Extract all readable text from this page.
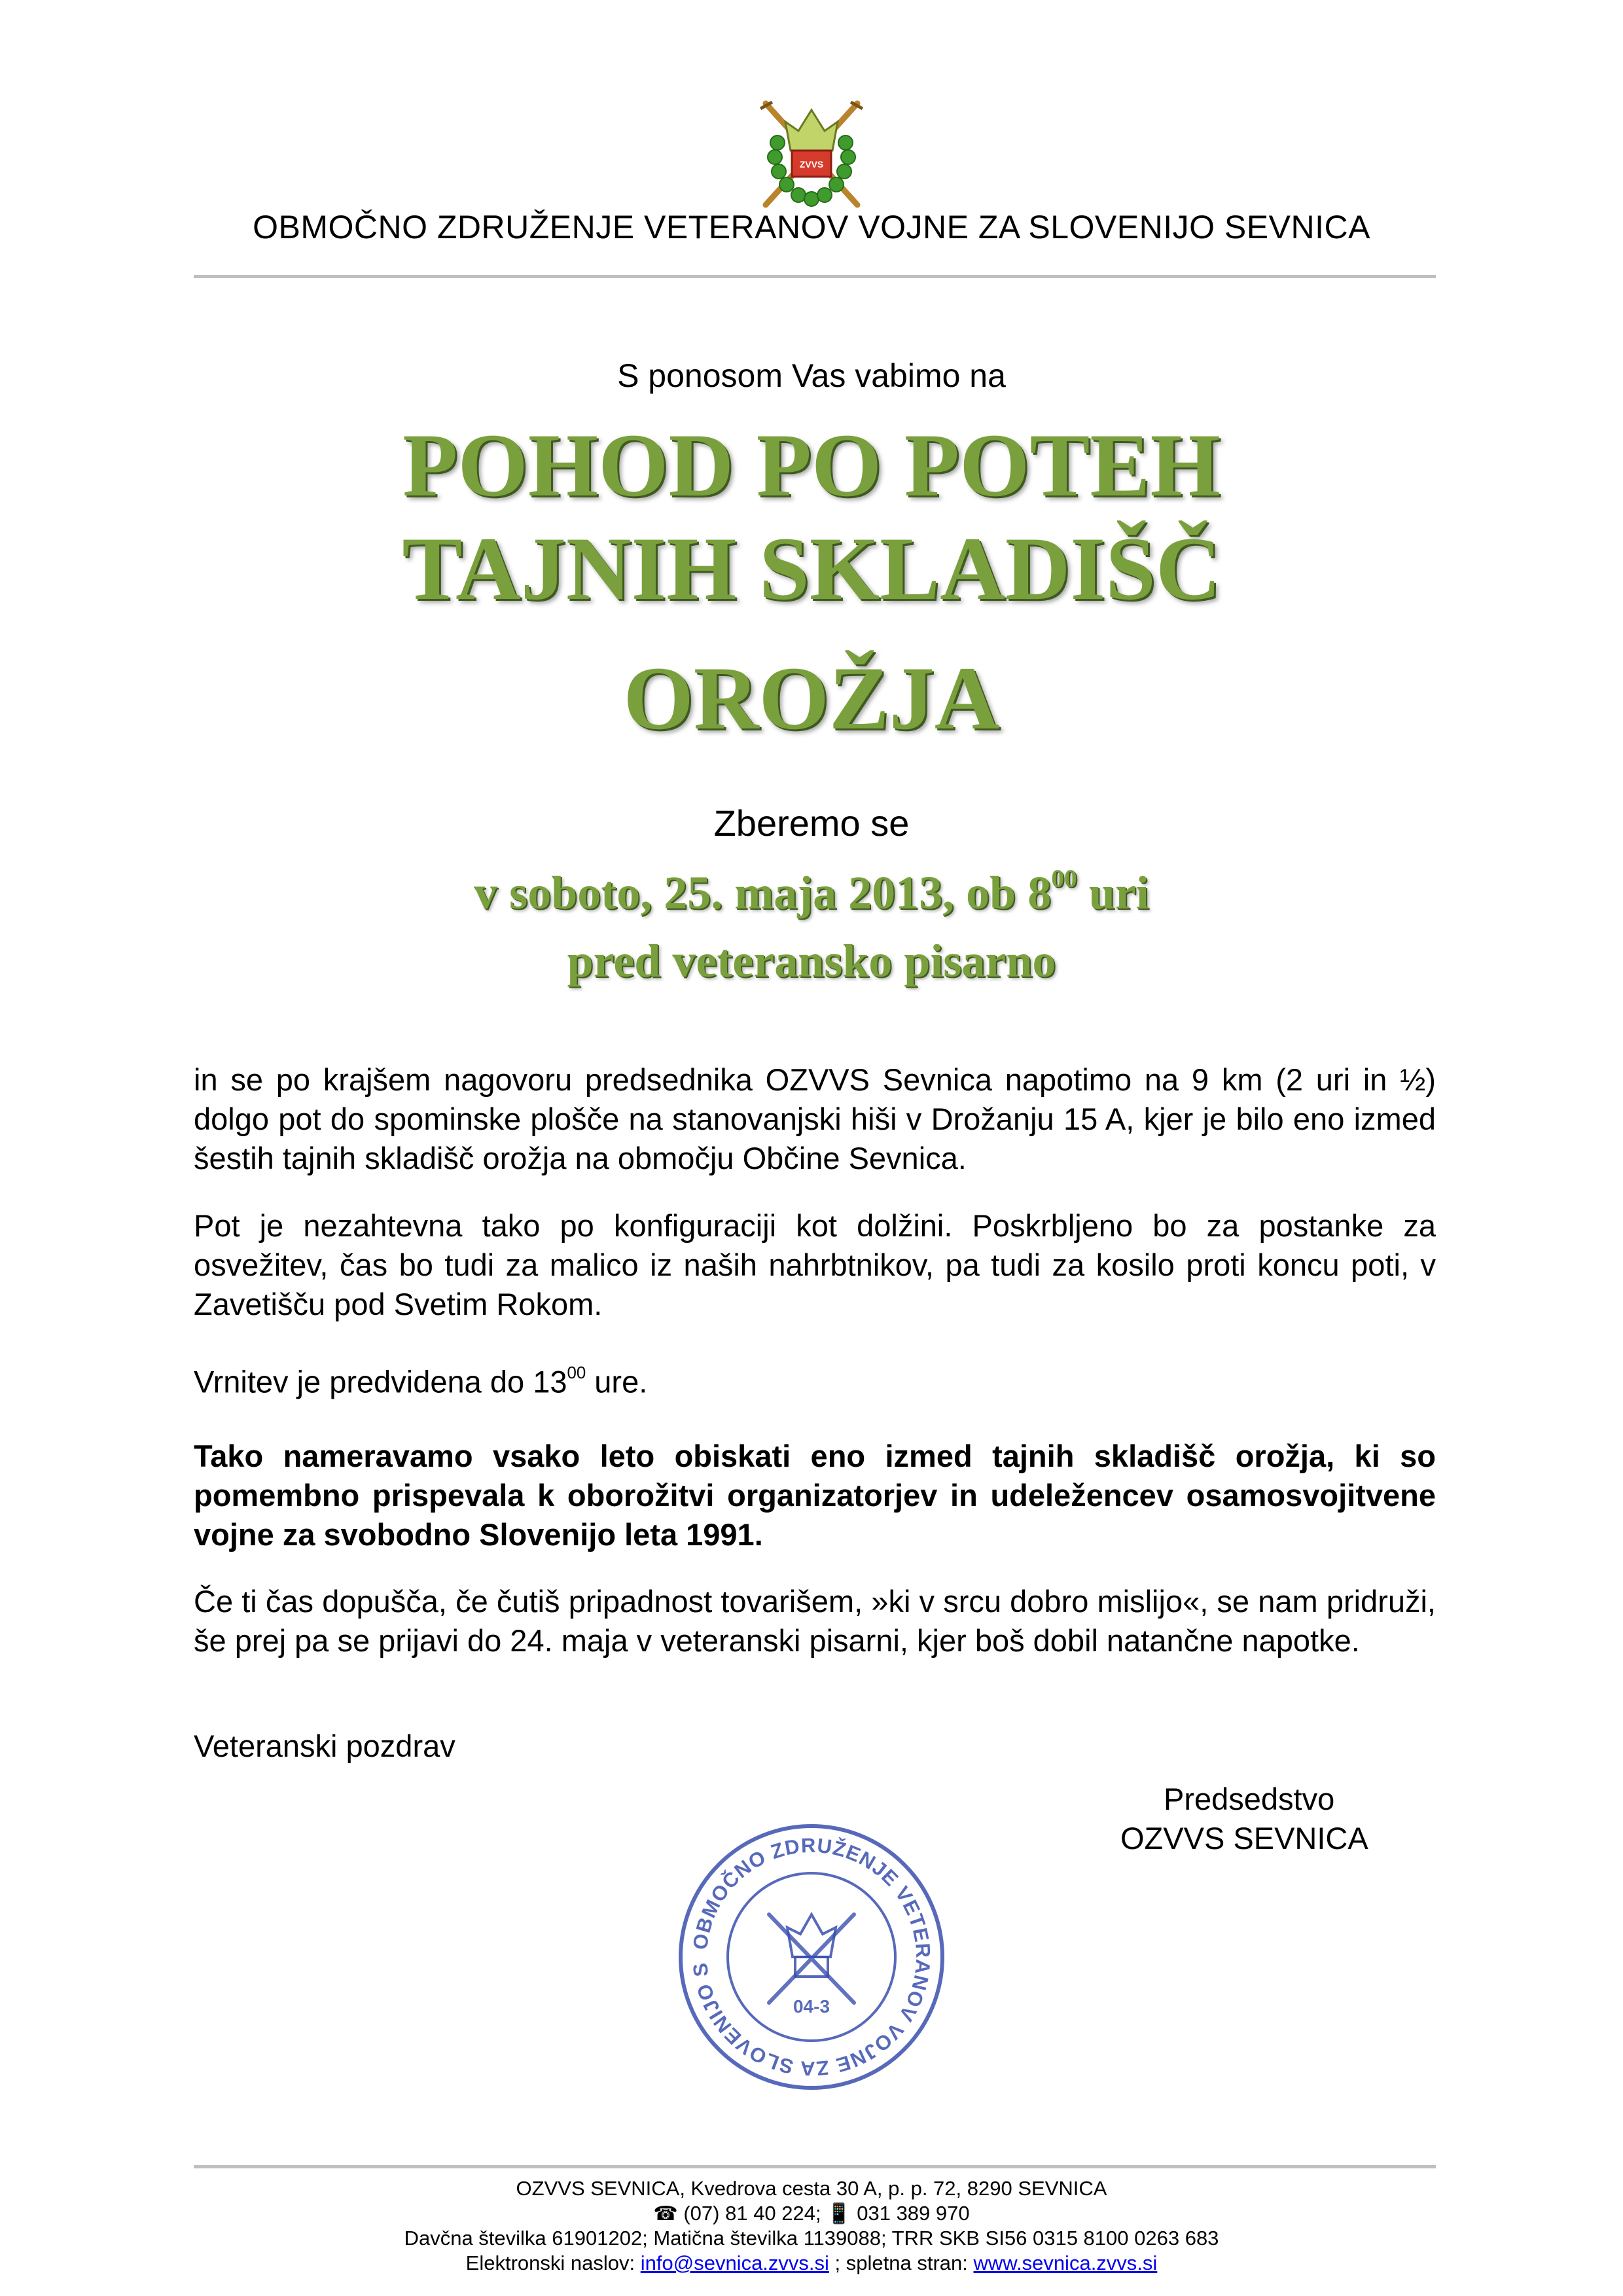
ZVVS
OBMOČNO ZDRUŽENJE VETERANOV VOJNE ZA SLOVENIJO SEVNICA
S ponosom Vas vabimo na
POHOD PO POTEH
TAJNIH SKLADIŠČ
OROŽJA
Zberemo se
v soboto, 25. maja 2013, ob $8^{00}$ uri
pred veteransko pisarno
in se po krajšem nagovoru predsednika OZVVS Sevnica napotimo na 9 km (2 uri in ½) dolgo pot do spominske plošče na stanovanjski hiši v Drožanju 15 A, kjer je bilo eno izmed šestih tajnih skladišč orožja na območju Občine Sevnica.
Pot je nezahtevna tako po konfiguraciji kot dolžini. Poskrbljeno bo za postanke za osvežitev, čas bo tudi za malico iz naših nahrbtnikov, pa tudi za kosilo proti koncu poti, v Zavetišču pod Svetim Rokom.
Vrnitev je predvidena do $13^{00}$ ure.
Tako nameravamo vsako leto obiskati eno izmed tajnih skladišč orožja, ki so pomembno prispevala k oborožitvi organizatorjev in udeležencev osamosvojitvene vojne za svobodno Slovenijo leta 1991.
Če ti čas dopušča, če čutiš pripadnost tovarišem, »ki v srcu dobro mislijo«, se nam pridruži, še prej pa se prijavi do 24. maja v veteranski pisarni, kjer boš dobil natančne napotke.
Veteranski pozdrav
Predsedstvo
OZVVS SEVNICA
OBMOČNO ZDRUŽENJE VETERANOV VOJNE ZA SLOVENIJO S
04-3
OZVVS SEVNICA, Kvedrova cesta 30 A, p. p. 72, 8290 SEVNICA
☎ (07) 81 40 224; 📱 031 389 970
Davčna številka 61901202; Matična številka 1139088; TRR SKB SI56 0315 8100 0263 683
Elektronski naslov: info@sevnica.zvvs.si ; spletna stran: www.sevnica.zvvs.si
